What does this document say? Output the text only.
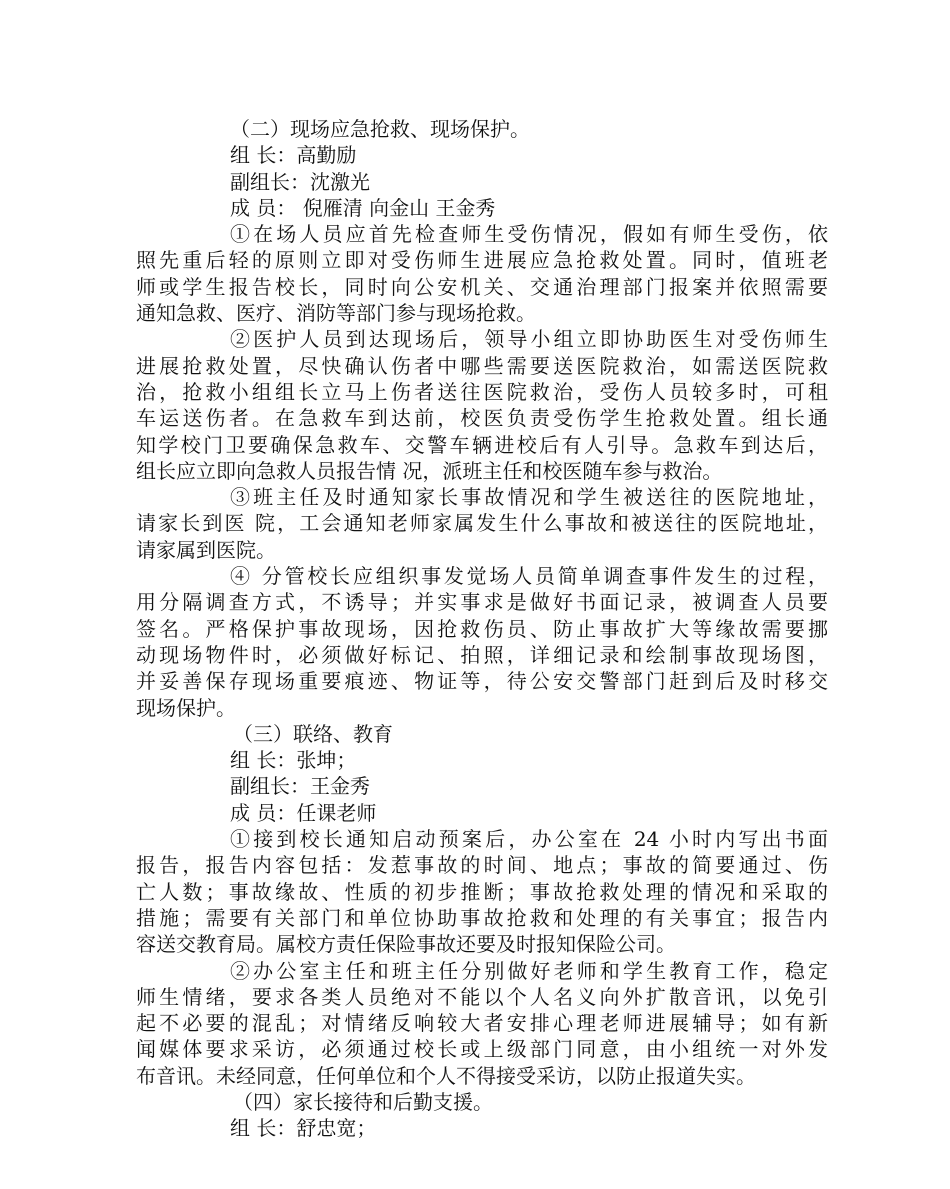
（二）现场应急抢救、现场保护。
组 长：高勤励
副组长：沈激光
成 员： 倪雁清 向金山 王金秀
①在场人员应首先检查师生受伤情况，假如有师生受伤，依
照先重后轻的原则立即对受伤师生进展应急抢救处置。同时，值班老
师或学生报告校长，同时向公安机关、交通治理部门报案并依照需要
通知急救、医疗、消防等部门参与现场抢救。
②医护人员到达现场后，领导小组立即协助医生对受伤师生
进展抢救处置，尽快确认伤者中哪些需要送医院救治，如需送医院救
治，抢救小组组长立马上伤者送往医院救治，受伤人员较多时，可租
车运送伤者。在急救车到达前，校医负责受伤学生抢救处置。组长通
知学校门卫要确保急救车、交警车辆进校后有人引导。急救车到达后，
组长应立即向急救人员报告情 况，派班主任和校医随车参与救治。
③班主任及时通知家长事故情况和学生被送往的医院地址，
请家长到医 院，工会通知老师家属发生什么事故和被送往的医院地址，
请家属到医院。
④ 分管校长应组织事发觉场人员简单调查事件发生的过程，
用分隔调查方式，不诱导；并实事求是做好书面记录，被调查人员要
签名。严格保护事故现场，因抢救伤员、防止事故扩大等缘故需要挪
动现场物件时，必须做好标记、拍照，详细记录和绘制事故现场图，
并妥善保存现场重要痕迹、物证等，待公安交警部门赶到后及时移交
现场保护。
（三）联络、教育
组 长：张坤；
副组长：王金秀
成 员：任课老师
①接到校长通知启动预案后，办公室在 24 小时内写出书面
报告，报告内容包括：发惹事故的时间、地点；事故的简要通过、伤
亡人数；事故缘故、性质的初步推断；事故抢救处理的情况和采取的
措施；需要有关部门和单位协助事故抢救和处理的有关事宜；报告内
容送交教育局。属校方责任保险事故还要及时报知保险公司。
②办公室主任和班主任分别做好老师和学生教育工作，稳定
师生情绪，要求各类人员绝对不能以个人名义向外扩散音讯，以免引
起不必要的混乱；对情绪反响较大者安排心理老师进展辅导；如有新
闻媒体要求采访，必须通过校长或上级部门同意，由小组统一对外发
布音讯。未经同意，任何单位和个人不得接受采访，以防止报道失实。
（四）家长接待和后勤支援。
组 长：舒忠宽；
